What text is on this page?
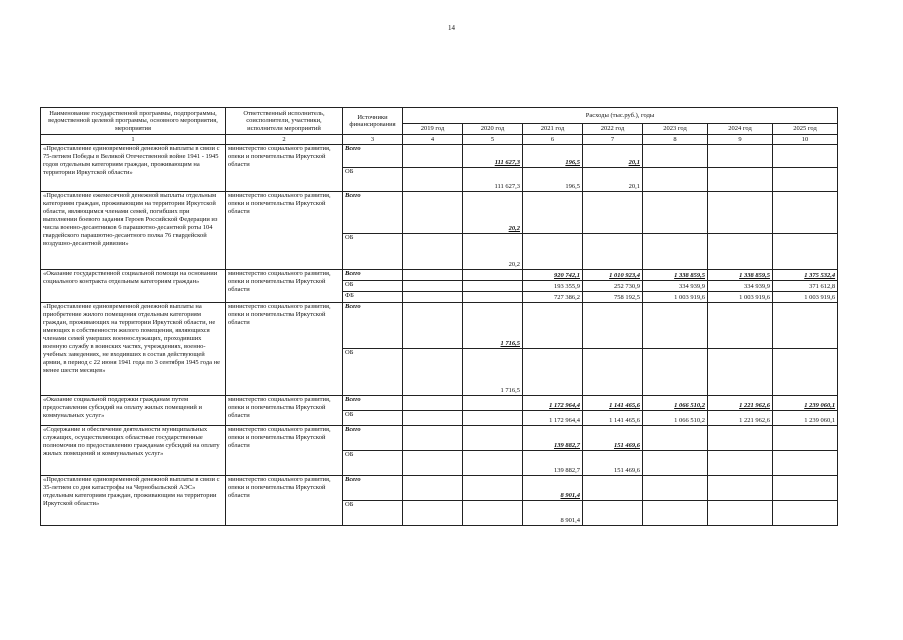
14
Наименование государственной программы, подпрограммы, ведомственной целевой программы, основного мероприятия, мероприятия	Ответственный исполнитель, соисполнители, участники, исполнители мероприятий	Источники финансирования	Расходы (тыс.руб.), годы						
			2019 год	2020 год	2021 год	2022 год	2023 год	2024 год	2025 год
1	2	3	4	5	6	7	8	9	10
«Предоставление единовременной денежной выплаты в связи с 75-летием Победы в Великой Отечественной войне 1941 - 1945 годов отдельным категориям граждан, проживающим на территории Иркутской области»	министерство социального развития, опеки и попечительства Иркутской области	Всего		111 627,3	196,5	20,1			
		ОБ		111 627,3	196,5	20,1			
«Предоставление ежемесячной денежной выплаты отдельным категориям граждан, проживающим на территории Иркутской области, являющимся членами семей, погибших при выполнении боевого задания Героев Российской Федерации из числа военно-десантников 6 парашютно-десантной роты 104 гвардейского парашютно-десантного полка 76 гвардейской воздушно-десантной дивизии»	министерство социального развития, опеки и попечительства Иркутской области	Всего		20,2					
		ОБ		20,2					
«Оказание государственной социальной помощи на основании социального контракта отдельным категориям граждан»	министерство социального развития, опеки и попечительства Иркутской области	Всего			920 742,1	1 010 923,4	1 338 859,5	1 338 859,5	1 375 532,4
		ОБ			193 355,9	252 730,9	334 939,9	334 939,9	371 612,8
		ФБ			727 386,2	758 192,5	1 003 919,6	1 003 919,6	1 003 919,6
«Предоставление единовременной денежной выплаты на приобретение жилого помещения отдельным категориям граждан, проживающих на территории Иркутской области, не имеющих в собственности жилого помещения, являющихся членами семей умерших военнослужащих, проходивших военную службу в воинских частях, учреждениях, военно-учебных заведениях, не входивших в состав действующей армии, в период с 22 июня 1941 года по 3 сентября 1945 года не менее шести месяцев»	министерство социального развития, опеки и попечительства Иркутской области	Всего		1 716,5					
		ОБ		1 716,5					
«Оказание социальной поддержки гражданам путем предоставления субсидий на оплату жилых помещений и коммунальных услуг»	министерство социального развития, опеки и попечительства Иркутской области	Всего			1 172 964,4	1 141 465,6	1 066 510,2	1 221 962,6	1 239 060,1
		ОБ			1 172 964,4	1 141 465,6	1 066 510,2	1 221 962,6	1 239 060,1
«Содержание и обеспечение деятельности муниципальных служащих, осуществляющих областные государственные полномочия по предоставлению гражданам субсидий на оплату жилых помещений и коммунальных услуг»	министерство социального развития, опеки и попечительства Иркутской области	Всего			139 882,7	151 469,6			
		ОБ			139 882,7	151 469,6			
«Предоставление единовременной денежной выплаты в связи с 35-летием со дня катастрофы на Чернобыльской АЭС» отдельным категориям граждан, проживающим на территории Иркутской области»	министерство социального развития, опеки и попечительства Иркутской области	Всего			8 901,4				
		ОБ			8 901,4				
